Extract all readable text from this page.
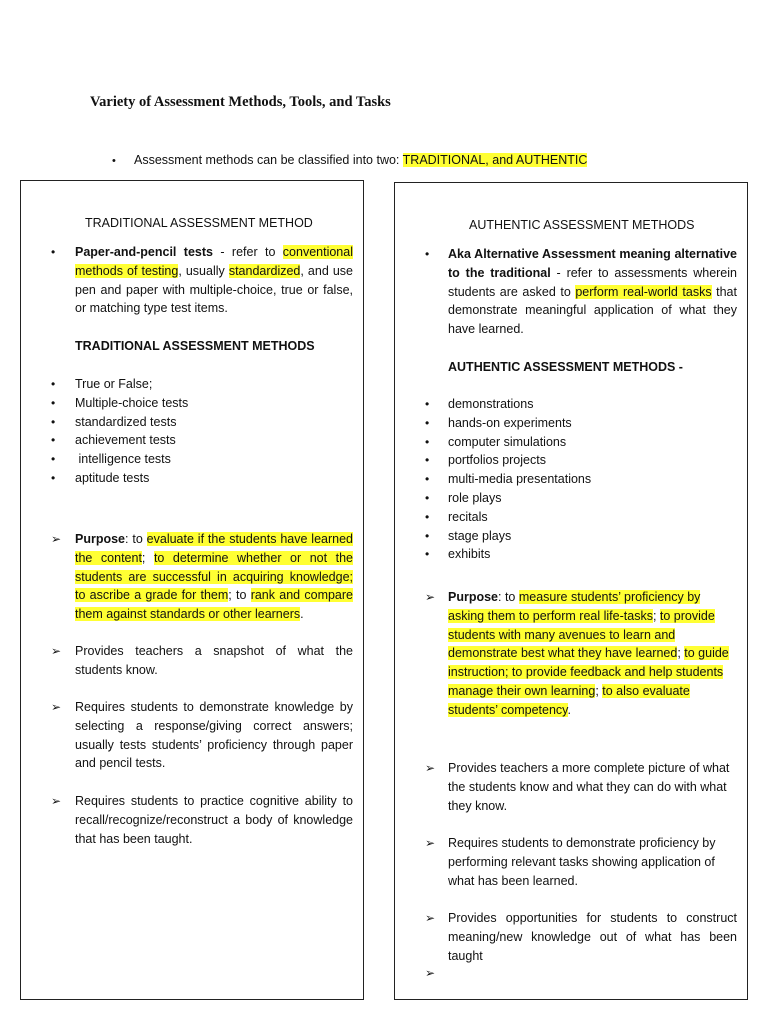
Variety of Assessment Methods, Tools, and Tasks
• Assessment methods can be classified into two: TRADITIONAL, and AUTHENTIC
TRADITIONAL ASSESSMENT METHOD

• Paper-and-pencil tests - refer to conventional methods of testing, usually standardized, and use pen and paper with multiple-choice, true or false, or matching type test items.

TRADITIONAL ASSESSMENT METHODS

• True or False;
• Multiple-choice tests
• standardized tests
• achievement tests
• intelligence tests
• aptitude tests

➢ Purpose: to evaluate if the students have learned the content; to determine whether or not the students are successful in acquiring knowledge; to ascribe a grade for them; to rank and compare them against standards or other learners.

➢ Provides teachers a snapshot of what the students know.

➢ Requires students to demonstrate knowledge by selecting a response/giving correct answers; usually tests students’ proficiency through paper and pencil tests.

➢ Requires students to practice cognitive ability to recall/recognize/reconstruct a body of knowledge that has been taught.

AUTHENTIC ASSESSMENT METHODS

• Aka Alternative Assessment meaning alternative to the traditional - refer to assessments wherein students are asked to perform real-world tasks that demonstrate meaningful application of what they have learned.

AUTHENTIC ASSESSMENT METHODS -

• demonstrations
• hands-on experiments
• computer simulations
• portfolios projects
• multi-media presentations
• role plays
• recitals
• stage plays
• exhibits

➢ Purpose: to measure students’ proficiency by asking them to perform real life-tasks; to provide students with many avenues to learn and demonstrate best what they have learned; to guide instruction; to provide feedback and help students manage their own learning; to also evaluate students’ competency.

➢ Provides teachers a more complete picture of what the students know and what they can do with what they know.

➢ Requires students to demonstrate proficiency by performing relevant tasks showing application of what has been learned.

➢ Provides opportunities for students to construct meaning/new knowledge out of what has been taught

➢
